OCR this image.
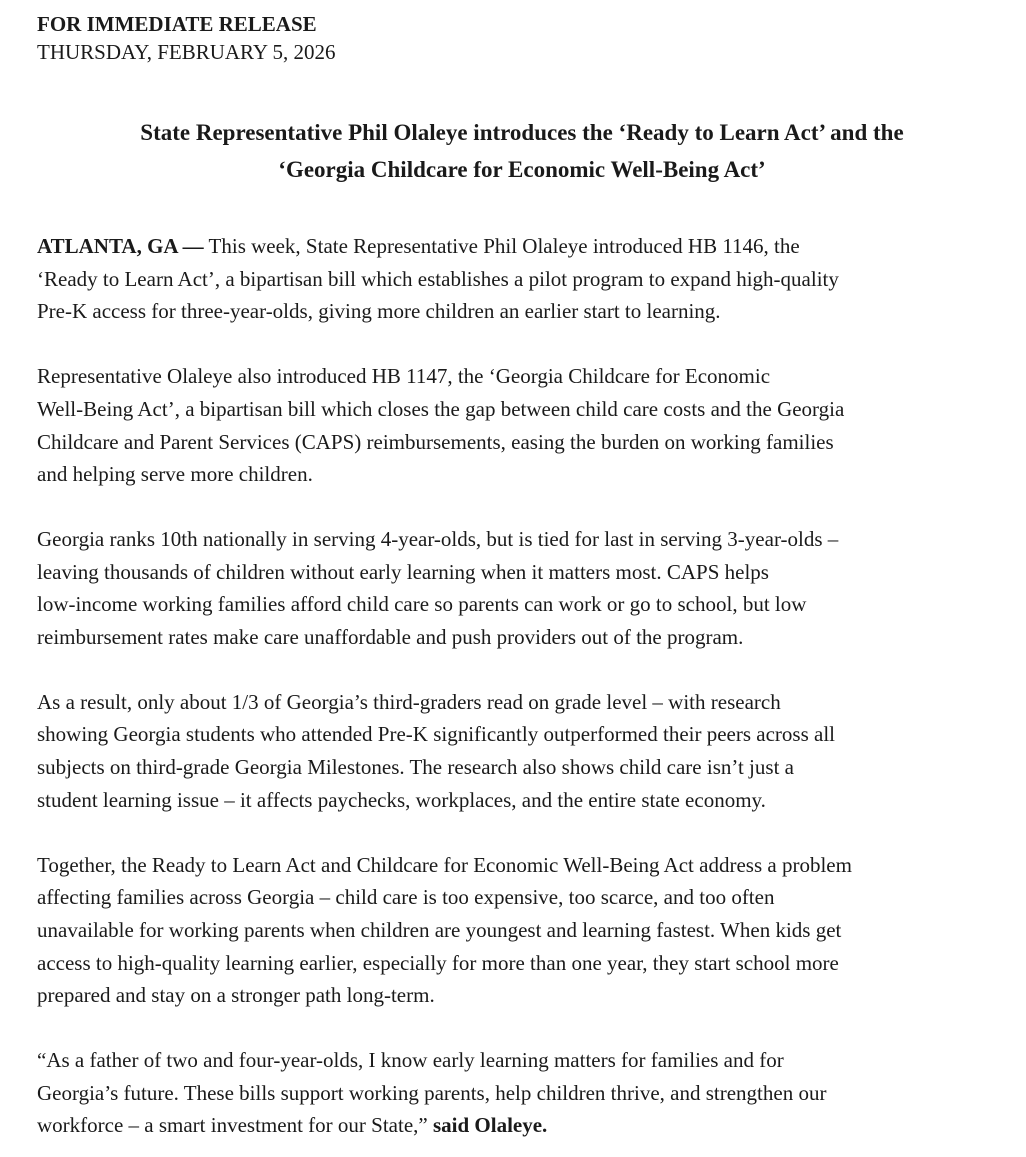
FOR IMMEDIATE RELEASE

THURSDAY, FEBRUARY 5, 2026

State Representative Phil Olaleye introduces the ‘Ready to Learn Act’ and the
‘Georgia Childcare for Economic Well-Being Act’

ATLANTA, GA — This week, State Representative Phil Olaleye introduced HB 1146, the
‘Ready to Learn Act’, a bipartisan bill which establishes a pilot program to expand high-quality
Pre-K access for three-year-olds, giving more children an earlier start to learning.

Representative Olaleye also introduced HB 1147, the ‘Georgia Childcare for Economic
Well-Being Act’, a bipartisan bill which closes the gap between child care costs and the Georgia
Childcare and Parent Services (CAPS) reimbursements, easing the burden on working families
and helping serve more children.

Georgia ranks 10th nationally in serving 4-year-olds, but is tied for last in serving 3-year-olds –
leaving thousands of children without early learning when it matters most. CAPS helps
low-income working families afford child care so parents can work or go to school, but low
reimbursement rates make care unaffordable and push providers out of the program.

As a result, only about 1/3 of Georgia’s third-graders read on grade level – with research
showing Georgia students who attended Pre-K significantly outperformed their peers across all
subjects on third-grade Georgia Milestones. The research also shows child care isn’t just a
student learning issue – it affects paychecks, workplaces, and the entire state economy.

Together, the Ready to Learn Act and Childcare for Economic Well-Being Act address a problem
affecting families across Georgia – child care is too expensive, too scarce, and too often
unavailable for working parents when children are youngest and learning fastest. When kids get
access to high-quality learning earlier, especially for more than one year, they start school more
prepared and stay on a stronger path long-term.

“As a father of two and four-year-olds, I know early learning matters for families and for
Georgia’s future. These bills support working parents, help children thrive, and strengthen our
workforce – a smart investment for our State,” said Olaleye.
